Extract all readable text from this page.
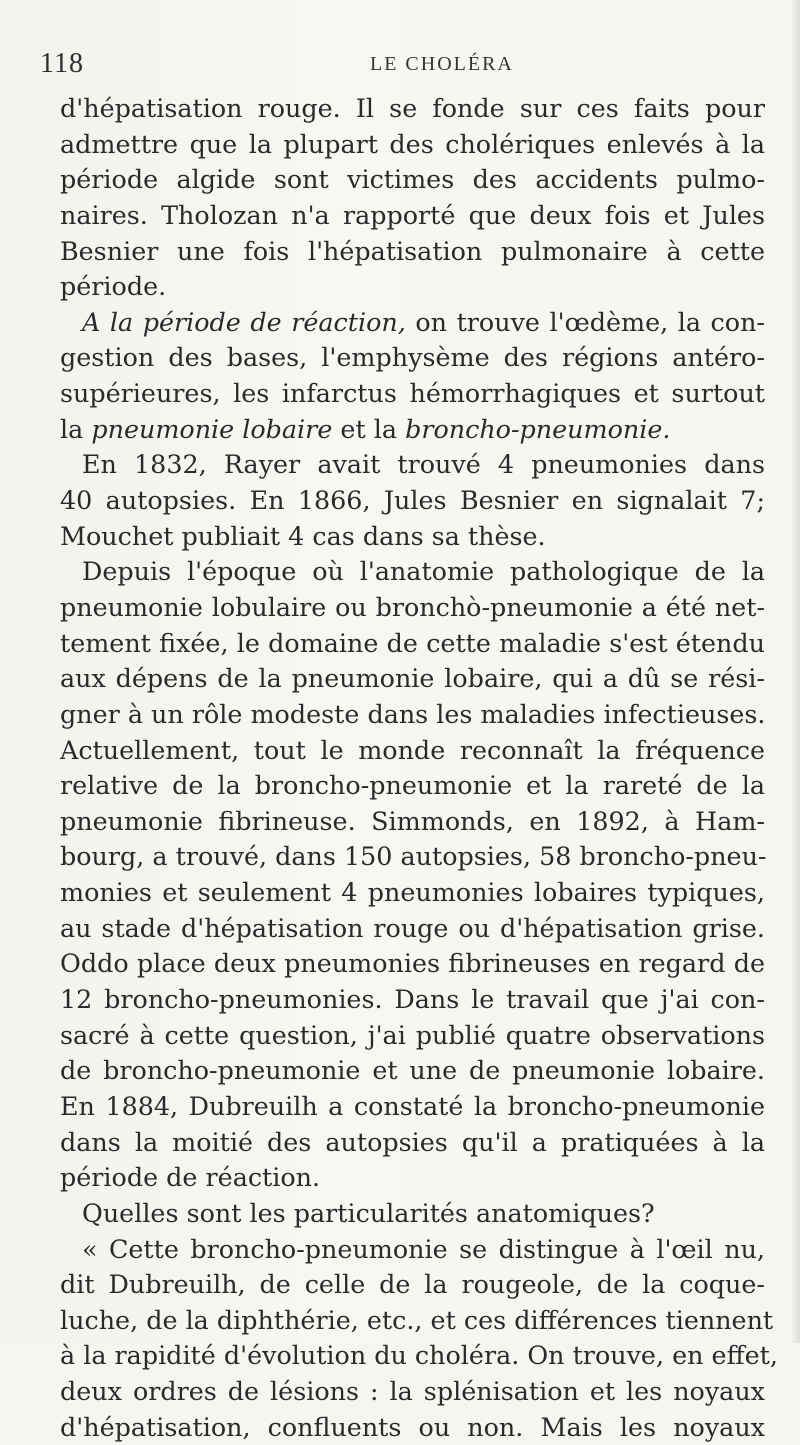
118	LE CHOLÉRA
d'hépatisation rouge. Il se fonde sur ces faits pour
admettre que la plupart des cholériques enlevés à la
période algide sont victimes des accidents pulmo-
naires. Tholozan n'a rapporté que deux fois et Jules
Besnier une fois l'hépatisation pulmonaire à cette
période.
A la période de réaction, on trouve l'œdème, la con-
gestion des bases, l'emphysème des régions antéro-
supérieures, les infarctus hémorrhagiques et surtout
la pneumonie lobaire et la broncho-pneumonie.
En 1832, Rayer avait trouvé 4 pneumonies dans
40 autopsies. En 1866, Jules Besnier en signalait 7;
Mouchet publiait 4 cas dans sa thèse.
Depuis l'époque où l'anatomie pathologique de la
pneumonie lobulaire ou bronchò-pneumonie a été net-
tement fixée, le domaine de cette maladie s'est étendu
aux dépens de la pneumonie lobaire, qui a dû se rési-
gner à un rôle modeste dans les maladies infectieuses.
Actuellement, tout le monde reconnaît la fréquence
relative de la broncho-pneumonie et la rareté de la
pneumonie fibrineuse. Simmonds, en 1892, à Ham-
bourg, a trouvé, dans 150 autopsies, 58 broncho-pneu-
monies et seulement 4 pneumonies lobaires typiques,
au stade d'hépatisation rouge ou d'hépatisation grise.
Oddo place deux pneumonies fibrineuses en regard de
12 broncho-pneumonies. Dans le travail que j'ai con-
sacré à cette question, j'ai publié quatre observations
de broncho-pneumonie et une de pneumonie lobaire.
En 1884, Dubreuilh a constaté la broncho-pneumonie
dans la moitié des autopsies qu'il a pratiquées à la
période de réaction.
Quelles sont les particularités anatomiques?
« Cette broncho-pneumonie se distingue à l'œil nu,
dit Dubreuilh, de celle de la rougeole, de la coque-
luche, de la diphthérie, etc., et ces différences tiennent
à la rapidité d'évolution du choléra. On trouve, en effet,
deux ordres de lésions : la splénisation et les noyaux
d'hépatisation, confluents ou non. Mais les noyaux
